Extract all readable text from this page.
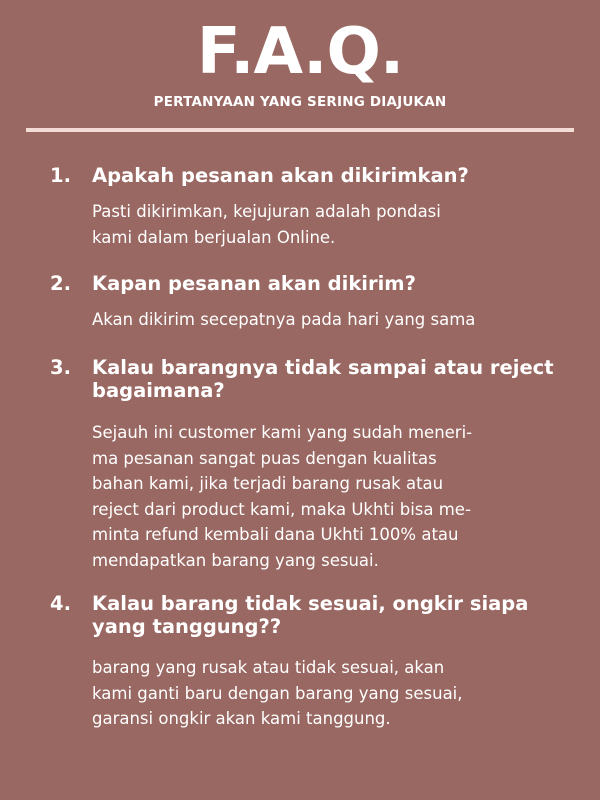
F.A.Q.
PERTANYAAN YANG SERING DIAJUKAN
1.	Apakah pesanan akan dikirimkan?
Pasti dikirimkan, kejujuran adalah pondasi
kami dalam berjualan Online.
2.	Kapan pesanan akan dikirim?
Akan dikirim secepatnya pada hari yang sama
3.	Kalau barangnya tidak sampai atau reject bagaimana?
Sejauh ini customer kami yang sudah meneri-
ma pesanan sangat puas dengan kualitas
bahan kami, jika terjadi barang rusak atau
reject dari product kami, maka Ukhti bisa me-
minta refund kembali dana Ukhti 100% atau
mendapatkan barang yang sesuai.
4.	Kalau barang tidak sesuai, ongkir siapa yang tanggung??
barang yang rusak atau tidak sesuai, akan
kami ganti baru dengan barang yang sesuai,
garansi ongkir akan kami tanggung.
